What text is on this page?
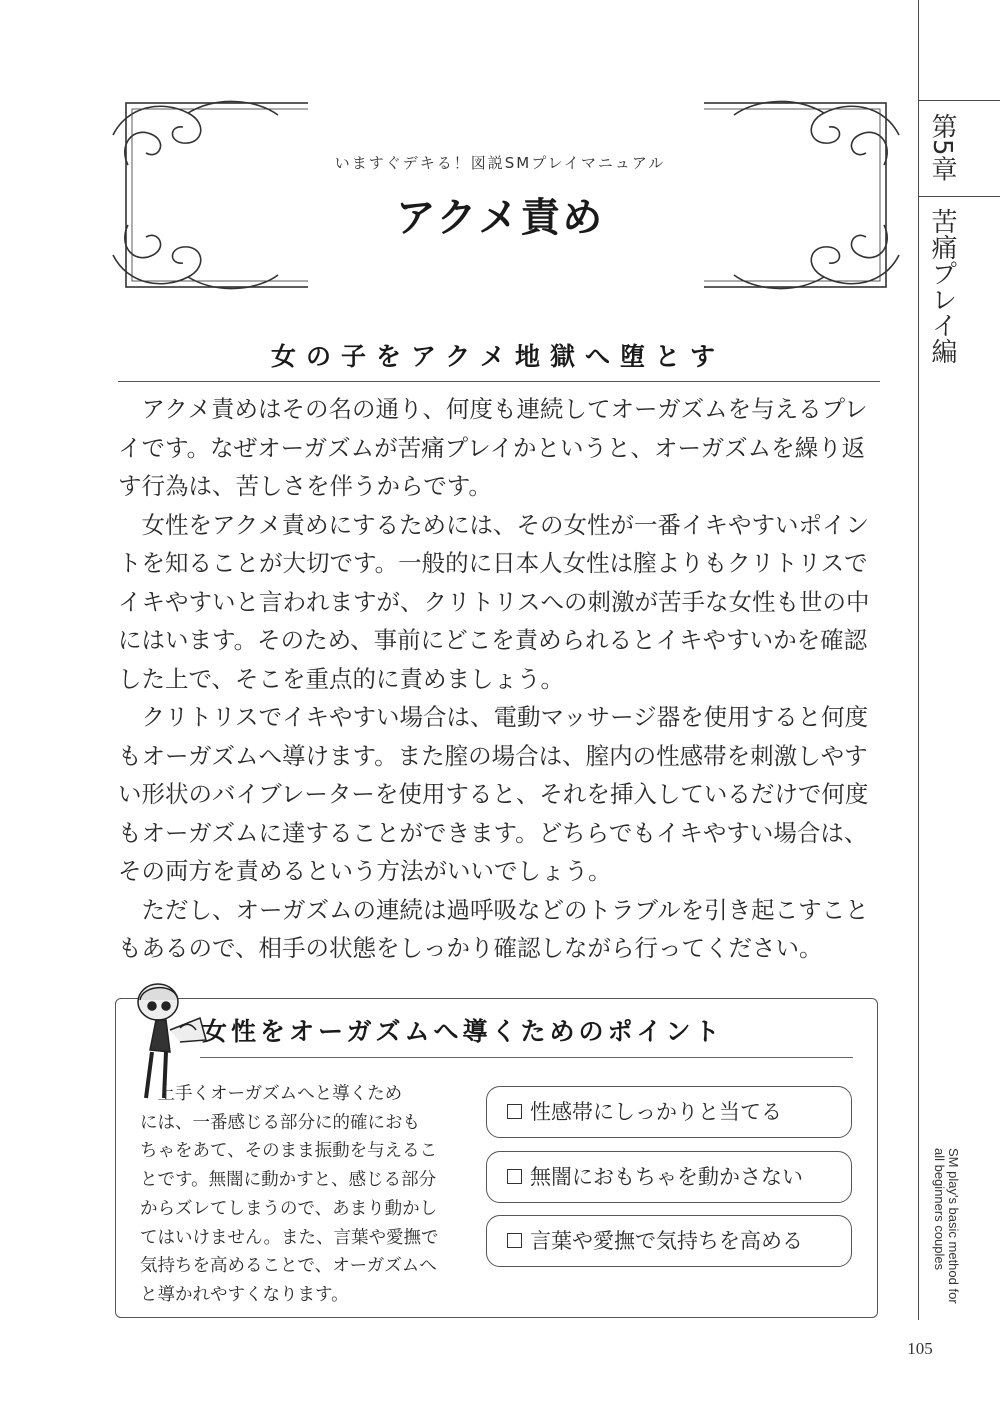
第5章
苦痛プレイ編
SM play's basic method for all beginners couples
105
いますぐデキる！図説SMプレイマニュアル
アクメ責め
女の子をアクメ地獄へ堕とす

アクメ責めはその名の通り、何度も連続してオーガズムを与えるプレイです。なぜオーガズムが苦痛プレイかというと、オーガズムを繰り返す行為は、苦しさを伴うからです。

女性をアクメ責めにするためには、その女性が一番イキやすいポイントを知ることが大切です。一般的に日本人女性は膣よりもクリトリスでイキやすいと言われますが、クリトリスへの刺激が苦手な女性も世の中にはいます。そのため、事前にどこを責められるとイキやすいかを確認した上で、そこを重点的に責めましょう。

クリトリスでイキやすい場合は、電動マッサージ器を使用すると何度もオーガズムへ導けます。また膣の場合は、膣内の性感帯を刺激しやすい形状のバイブレーターを使用すると、それを挿入しているだけで何度もオーガズムに達することができます。どちらでもイキやすい場合は、その両方を責めるという方法がいいでしょう。

ただし、オーガズムの連続は過呼吸などのトラブルを引き起こすこともあるので、相手の状態をしっかり確認しながら行ってください。

女性をオーガズムへ導くためのポイント
　上手くオーガズムへと導くため
には、一番感じる部分に的確におも
ちゃをあて、そのまま振動を与えるこ
とです。無闇に動かすと、感じる部分
からズレてしまうので、あまり動かし
てはいけません。また、言葉や愛撫で
気持ちを高めることで、オーガズムへ
と導かれやすくなります。
性感帯にしっかりと当てる
無闇におもちゃを動かさない
言葉や愛撫で気持ちを高める
